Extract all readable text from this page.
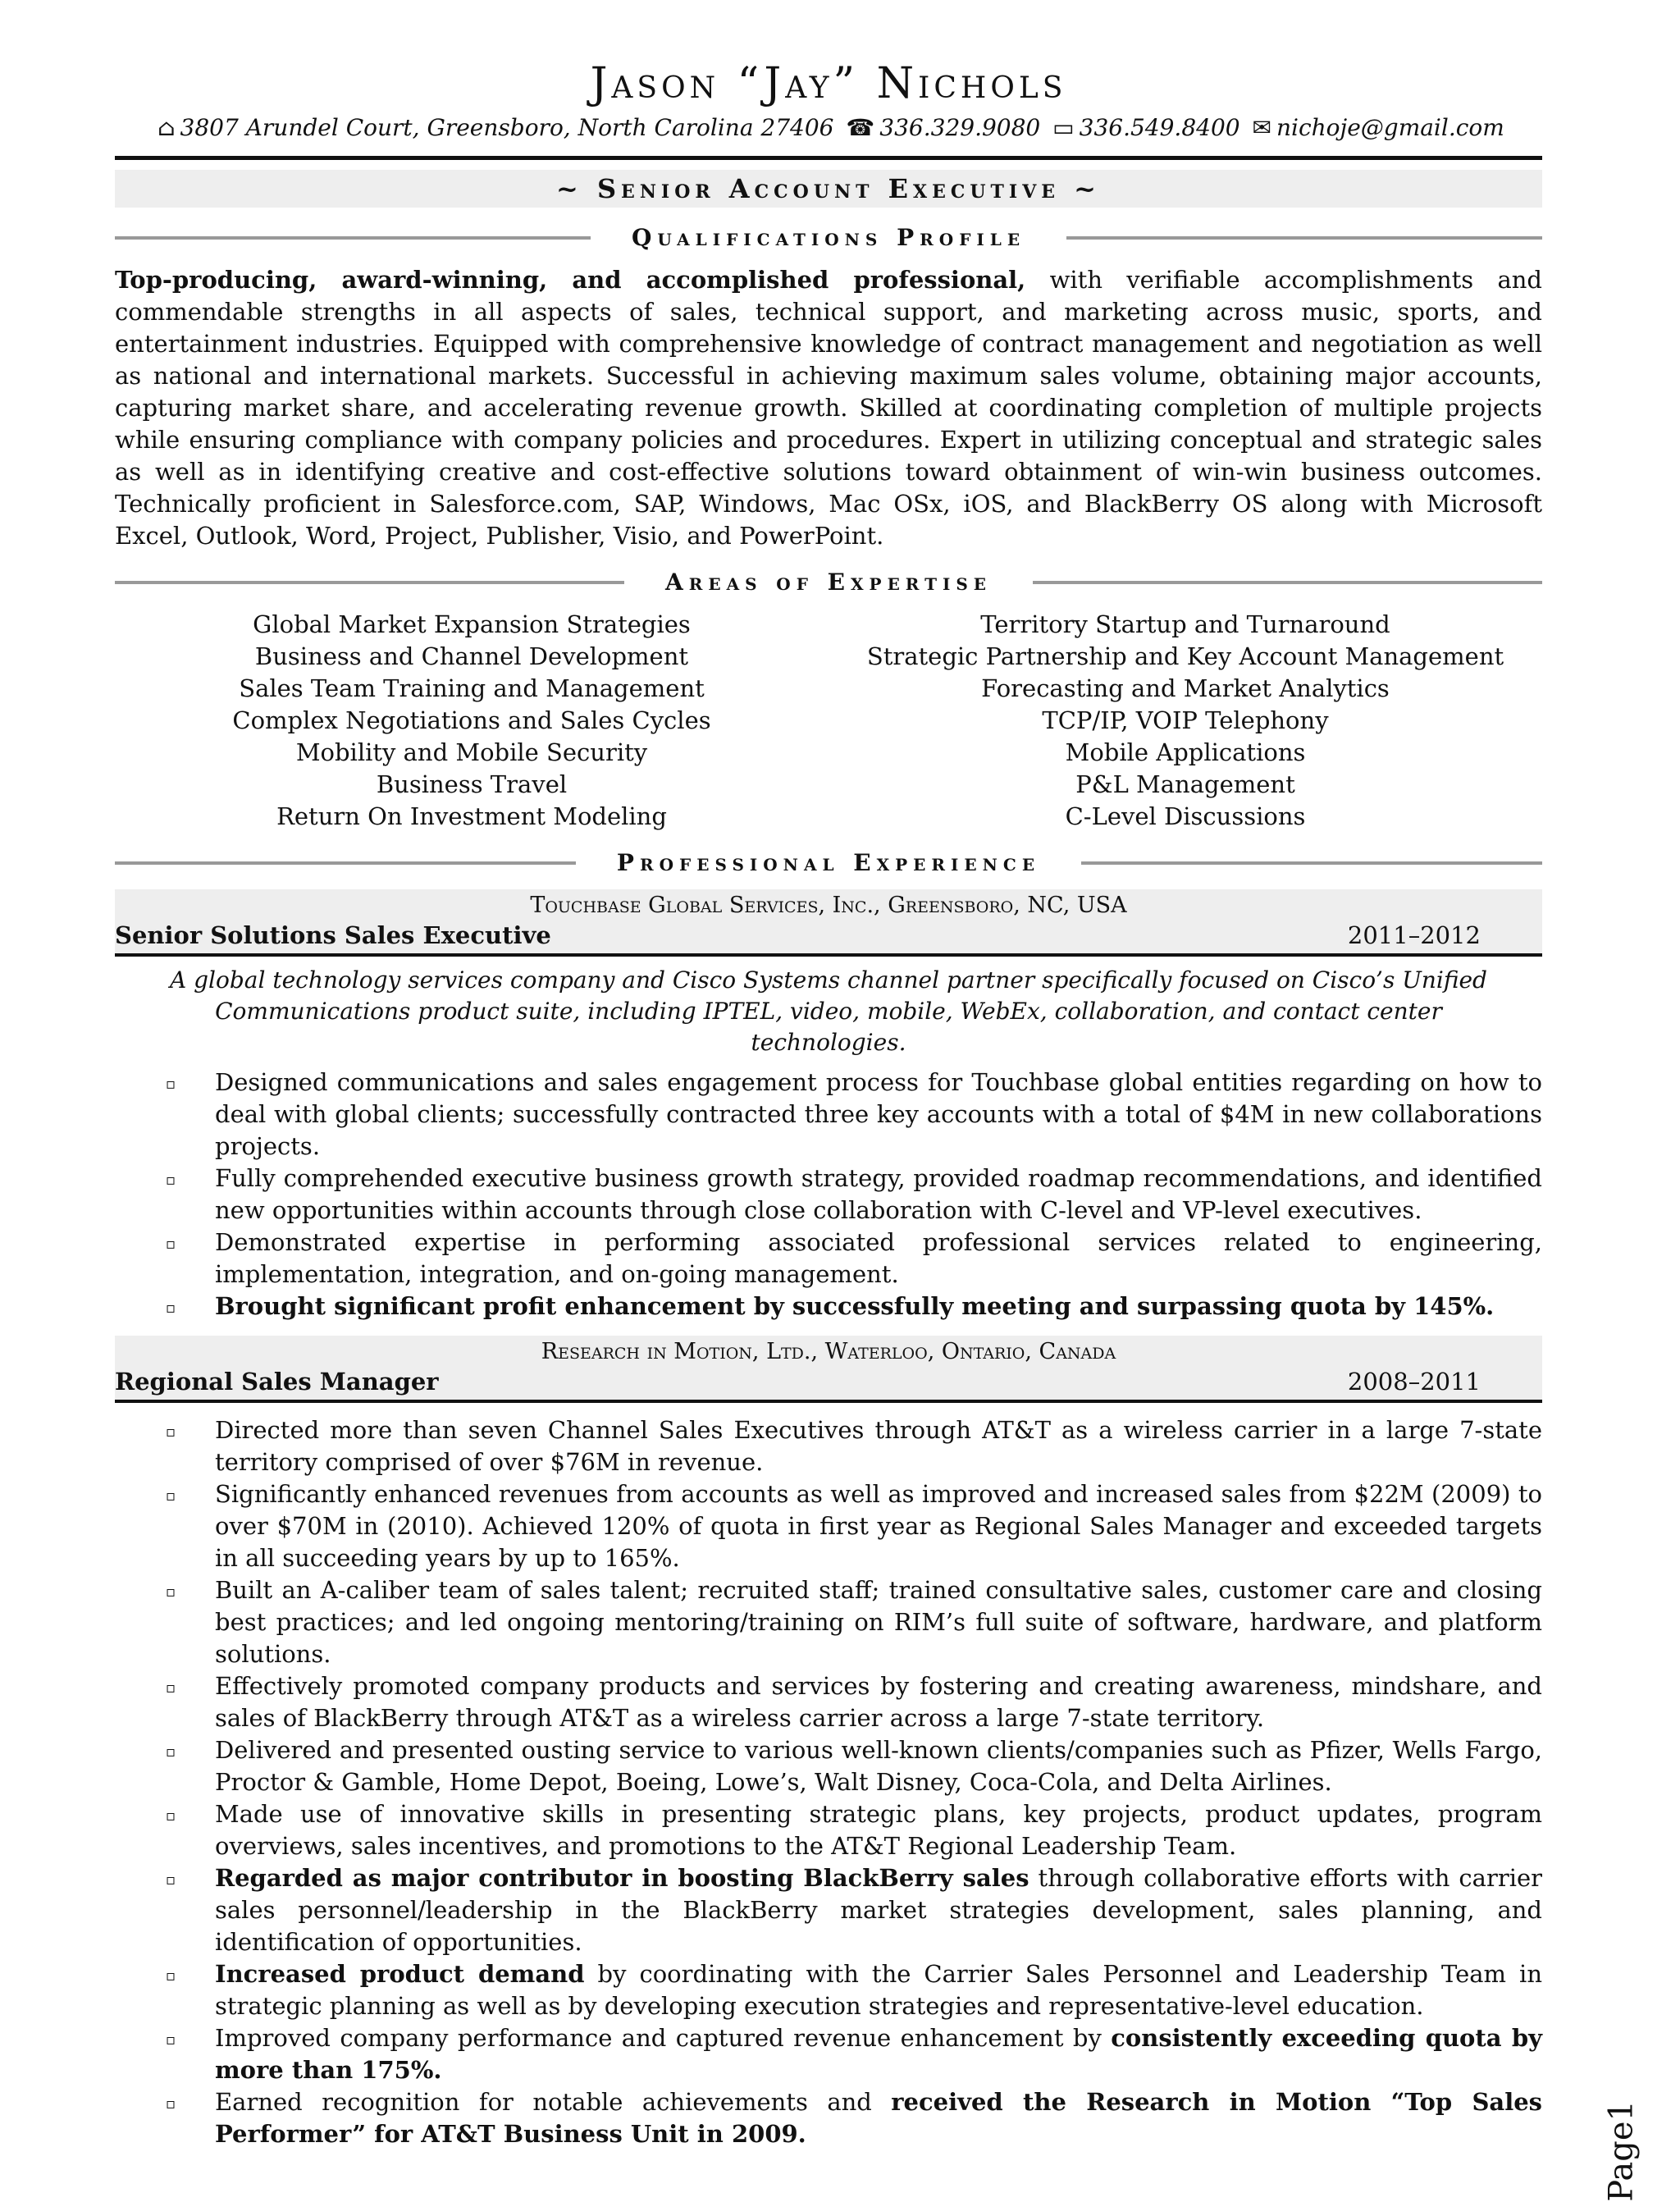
Jason “Jay” Nichols
⌂ 3807 Arundel Court, Greensboro, North Carolina 27406 ☎ 336.329.9080 ▭ 336.549.8400 ✉ nichoje@gmail.com
~ Senior Account Executive ~
Qualifications Profile

Top-producing, award-winning, and accomplished professional, with verifiable accomplishments and commendable strengths in all aspects of sales, technical support, and marketing across music, sports, and entertainment industries. Equipped with comprehensive knowledge of contract management and negotiation as well as national and international markets. Successful in achieving maximum sales volume, obtaining major accounts, capturing market share, and accelerating revenue growth. Skilled at coordinating completion of multiple projects while ensuring compliance with company policies and procedures. Expert in utilizing conceptual and strategic sales as well as in identifying creative and cost-effective solutions toward obtainment of win-win business outcomes. Technically proficient in Salesforce.com, SAP, Windows, Mac OSx, iOS, and BlackBerry OS along with Microsoft Excel, Outlook, Word, Project, Publisher, Visio, and PowerPoint.

Areas of Expertise
Global Market Expansion Strategies
Business and Channel Development
Sales Team Training and Management
Complex Negotiations and Sales Cycles
Mobility and Mobile Security
Business Travel
Return On Investment Modeling
Territory Startup and Turnaround
Strategic Partnership and Key Account Management
Forecasting and Market Analytics
TCP/IP, VOIP Telephony
Mobile Applications
P&L Management
C-Level Discussions
Professional Experience
Touchbase Global Services, Inc., Greensboro, NC, USA
Senior Solutions Sales Executive	2011–2012
A global technology services company and Cisco Systems channel partner specifically focused on Cisco’s Unified Communications product suite, including IPTEL, video, mobile, WebEx, collaboration, and contact center technologies.
▫ Designed communications and sales engagement process for Touchbase global entities regarding on how to deal with global clients; successfully contracted three key accounts with a total of $4M in new collaborations projects.
▫ Fully comprehended executive business growth strategy, provided roadmap recommendations, and identified new opportunities within accounts through close collaboration with C-level and VP-level executives.
▫ Demonstrated expertise in performing associated professional services related to engineering, implementation, integration, and on-going management.
▫ Brought significant profit enhancement by successfully meeting and surpassing quota by 145%.
Research in Motion, Ltd., Waterloo, Ontario, Canada
Regional Sales Manager	2008–2011
▫ Directed more than seven Channel Sales Executives through AT&T as a wireless carrier in a large 7-state territory comprised of over $76M in revenue.
▫ Significantly enhanced revenues from accounts as well as improved and increased sales from $22M (2009) to over $70M in (2010). Achieved 120% of quota in first year as Regional Sales Manager and exceeded targets in all succeeding years by up to 165%.
▫ Built an A-caliber team of sales talent; recruited staff; trained consultative sales, customer care and closing best practices; and led ongoing mentoring/training on RIM’s full suite of software, hardware, and platform solutions.
▫ Effectively promoted company products and services by fostering and creating awareness, mindshare, and sales of BlackBerry through AT&T as a wireless carrier across a large 7-state territory.
▫ Delivered and presented ousting service to various well-known clients/companies such as Pfizer, Wells Fargo, Proctor & Gamble, Home Depot, Boeing, Lowe’s, Walt Disney, Coca-Cola, and Delta Airlines.
▫ Made use of innovative skills in presenting strategic plans, key projects, product updates, program overviews, sales incentives, and promotions to the AT&T Regional Leadership Team.
▫ Regarded as major contributor in boosting BlackBerry sales through collaborative efforts with carrier sales personnel/leadership in the BlackBerry market strategies development, sales planning, and identification of opportunities.
▫ Increased product demand by coordinating with the Carrier Sales Personnel and Leadership Team in strategic planning as well as by developing execution strategies and representative-level education.
▫ Improved company performance and captured revenue enhancement by consistently exceeding quota by more than 175%.
▫ Earned recognition for notable achievements and received the Research in Motion “Top Sales Performer” for AT&T Business Unit in 2009.	Page1
